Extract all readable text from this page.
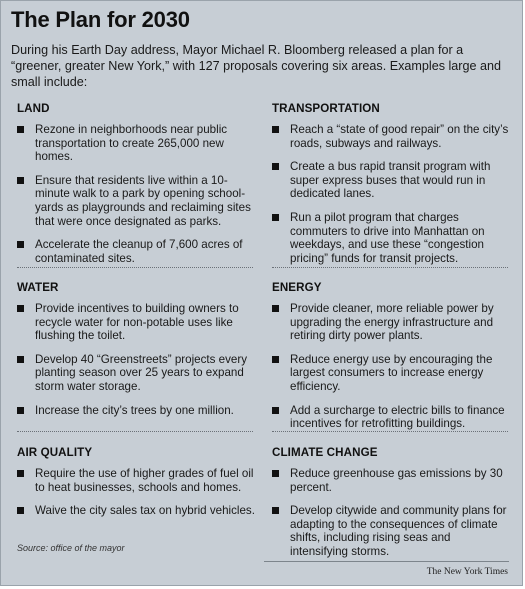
The Plan for 2030
During his Earth Day address, Mayor Michael R. Bloomberg released a plan for a “greener, greater New York,” with 127 proposals covering six areas. Examples large and small include:
LAND
Rezone in neighborhoods near public transportation to create 265,000 new homes.
Ensure that residents live within a 10-minute walk to a park by opening school-yards as playgrounds and reclaiming sites that were once designated as parks.
Accelerate the cleanup of 7,600 acres of contaminated sites.
TRANSPORTATION
Reach a “state of good repair” on the city’s roads, subways and railways.
Create a bus rapid transit program with super express buses that would run in dedicated lanes.
Run a pilot program that charges commuters to drive into Manhattan on weekdays, and use these “congestion pricing” funds for transit projects.
WATER
Provide incentives to building owners to recycle water for non-potable uses like flushing the toilet.
Develop 40 “Greenstreets” projects every planting season over 25 years to expand storm water storage.
Increase the city’s trees by one million.
ENERGY
Provide cleaner, more reliable power by upgrading the energy infrastructure and retiring dirty power plants.
Reduce energy use by encouraging the largest consumers to increase energy efficiency.
Add a surcharge to electric bills to finance incentives for retrofitting buildings.
AIR QUALITY
Require the use of higher grades of fuel oil to heat businesses, schools and homes.
Waive the city sales tax on hybrid vehicles.
CLIMATE CHANGE
Reduce greenhouse gas emissions by 30 percent.
Develop citywide and community plans for adapting to the consequences of climate shifts, including rising seas and intensifying storms.
Source: office of the mayor
The New York Times
